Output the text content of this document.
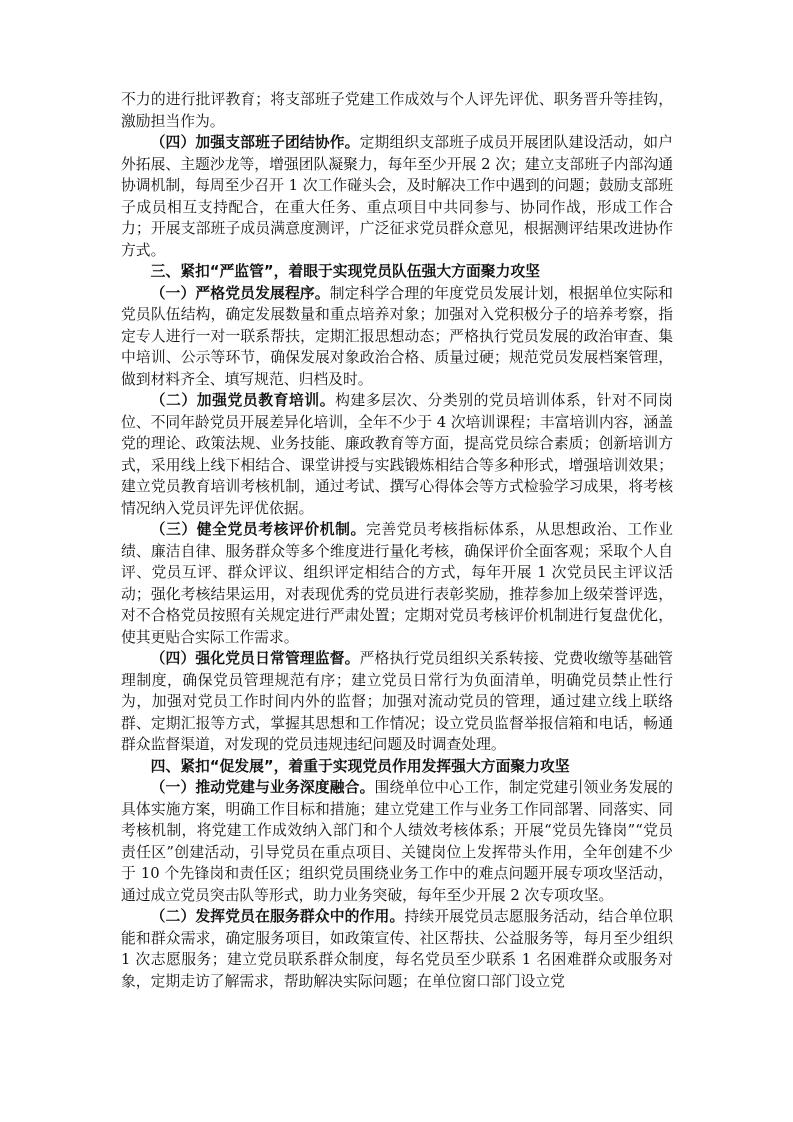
不力的进行批评教育；将支部班子党建工作成效与个人评先评优、职务晋升等挂钩，激励担当作为。

（四）加强支部班子团结协作。定期组织支部班子成员开展团队建设活动，如户外拓展、主题沙龙等，增强团队凝聚力，每年至少开展 2 次；建立支部班子内部沟通协调机制，每周至少召开 1 次工作碰头会，及时解决工作中遇到的问题；鼓励支部班子成员相互支持配合，在重大任务、重点项目中共同参与、协同作战，形成工作合力；开展支部班子成员满意度测评，广泛征求党员群众意见，根据测评结果改进协作方式。

三、紧扣“严监管”，着眼于实现党员队伍强大方面聚力攻坚

（一）严格党员发展程序。制定科学合理的年度党员发展计划，根据单位实际和党员队伍结构，确定发展数量和重点培养对象；加强对入党积极分子的培养考察，指定专人进行一对一联系帮扶，定期汇报思想动态；严格执行党员发展的政治审查、集中培训、公示等环节，确保发展对象政治合格、质量过硬；规范党员发展档案管理，做到材料齐全、填写规范、归档及时。

（二）加强党员教育培训。构建多层次、分类别的党员培训体系，针对不同岗位、不同年龄党员开展差异化培训，全年不少于 4 次培训课程；丰富培训内容，涵盖党的理论、政策法规、业务技能、廉政教育等方面，提高党员综合素质；创新培训方式，采用线上线下相结合、课堂讲授与实践锻炼相结合等多种形式，增强培训效果；建立党员教育培训考核机制，通过考试、撰写心得体会等方式检验学习成果，将考核情况纳入党员评先评优依据。

（三）健全党员考核评价机制。完善党员考核指标体系，从思想政治、工作业绩、廉洁自律、服务群众等多个维度进行量化考核，确保评价全面客观；采取个人自评、党员互评、群众评议、组织评定相结合的方式，每年开展 1 次党员民主评议活动；强化考核结果运用，对表现优秀的党员进行表彰奖励，推荐参加上级荣誉评选，对不合格党员按照有关规定进行严肃处置；定期对党员考核评价机制进行复盘优化，使其更贴合实际工作需求。

（四）强化党员日常管理监督。严格执行党员组织关系转接、党费收缴等基础管理制度，确保党员管理规范有序；建立党员日常行为负面清单，明确党员禁止性行为，加强对党员工作时间内外的监督；加强对流动党员的管理，通过建立线上联络群、定期汇报等方式，掌握其思想和工作情况；设立党员监督举报信箱和电话，畅通群众监督渠道，对发现的党员违规违纪问题及时调查处理。

四、紧扣“促发展”，着重于实现党员作用发挥强大方面聚力攻坚

（一）推动党建与业务深度融合。围绕单位中心工作，制定党建引领业务发展的具体实施方案，明确工作目标和措施；建立党建工作与业务工作同部署、同落实、同考核机制，将党建工作成效纳入部门和个人绩效考核体系；开展“党员先锋岗”“党员责任区”创建活动，引导党员在重点项目、关键岗位上发挥带头作用，全年创建不少于 10 个先锋岗和责任区；组织党员围绕业务工作中的难点问题开展专项攻坚活动，通过成立党员突击队等形式，助力业务突破，每年至少开展 2 次专项攻坚。

（二）发挥党员在服务群众中的作用。持续开展党员志愿服务活动，结合单位职能和群众需求，确定服务项目，如政策宣传、社区帮扶、公益服务等，每月至少组织 1 次志愿服务；建立党员联系群众制度，每名党员至少联系 1 名困难群众或服务对象，定期走访了解需求，帮助解决实际问题；在单位窗口部门设立党
